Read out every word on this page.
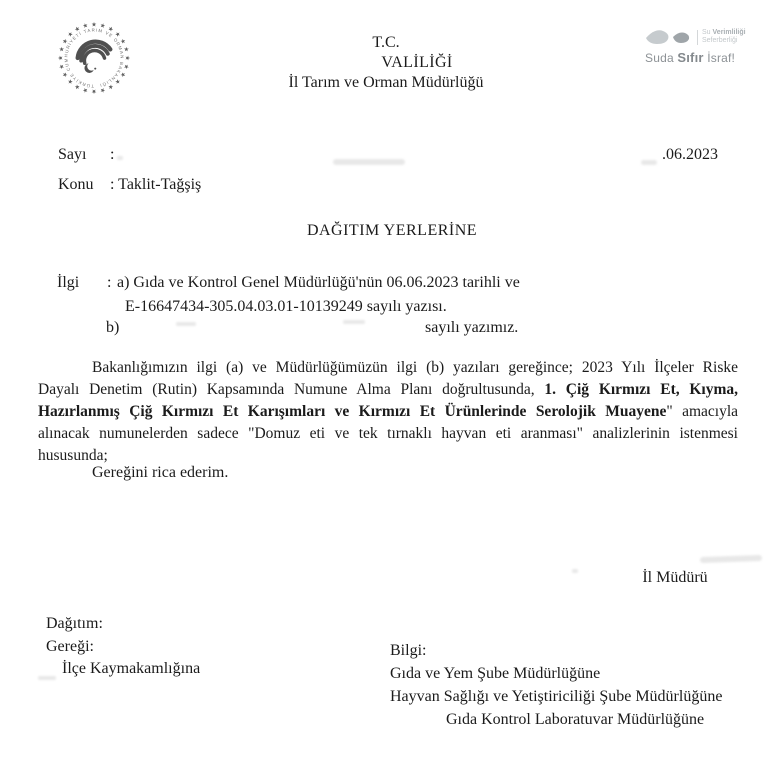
TÜRKİYE CUMHURİYETİ TARIM VE ORMAN BAKANLIĞI
T.C.
VALİLİĞİ
İl Tarım ve Orman Müdürlüğü
Su Verimliliği
Seferberliği
Suda Sıfır İsraf!
Sayı :
Konu : Taklit-Tağşiş
.06.2023
DAĞITIM YERLERİNE
İlgi : a) Gıda ve Kontrol Genel Müdürlüğü'nün 06.06.2023 tarihli ve
E-16647434-305.04.03.01-10139249 sayılı yazısı.
b)	sayılı yazımız.
Bakanlığımızın ilgi (a) ve Müdürlüğümüzün ilgi (b) yazıları gereğince; 2023 Yılı İlçeler Riske
Dayalı Denetim (Rutin) Kapsamında Numune Alma Planı doğrultusunda, 1. Çiğ Kırmızı Et, Kıyma,
Hazırlanmış Çiğ Kırmızı Et Karışımları ve Kırmızı Et Ürünlerinde Serolojik Muayene" amacıyla
alınacak numunelerden sadece "Domuz eti ve tek tırnaklı hayvan eti aranması" analizlerinin istenmesi
hususunda;
Gereğini rica ederim.
İl Müdürü
Dağıtım:
Gereği:
İlçe Kaymakamlığına
Bilgi:
Gıda ve Yem Şube Müdürlüğüne
Hayvan Sağlığı ve Yetiştiriciliği Şube Müdürlüğüne
Gıda Kontrol Laboratuvar Müdürlüğüne
